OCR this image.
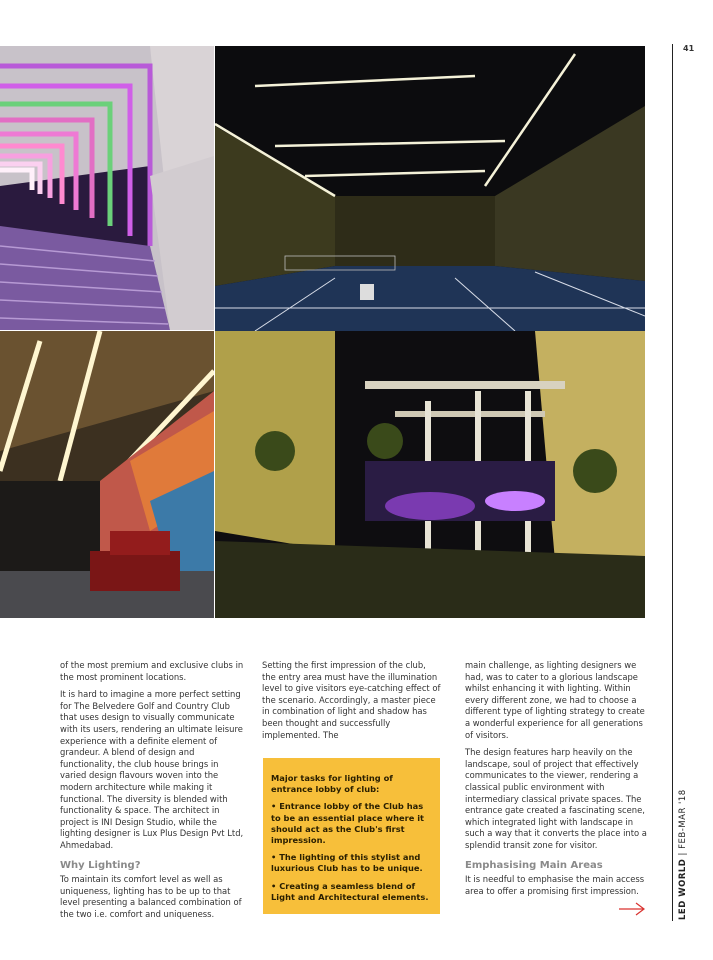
41
LED WORLD | FEB-MAR '18

of the most premium and exclusive clubs in the most prominent locations.

It is hard to imagine a more perfect setting for The Belvedere Golf and Country Club that uses design to visually communicate with its users, rendering an ultimate leisure experience with a definite element of grandeur. A blend of design and functionality, the club house brings in varied design flavours woven into the modern architecture while making it functional. The diversity is blended with functionality & space. The architect in project is INI Design Studio, while the lighting designer is Lux Plus Design Pvt Ltd, Ahmedabad.

Why Lighting?

To maintain its comfort level as well as uniqueness, lighting has to be up to that level presenting a balanced combination of the two i.e. comfort and uniqueness.

Setting the first impression of the club, the entry area must have the illumination level to give visitors eye-catching effect of the scenario. Accordingly, a master piece in combination of light and shadow has been thought and successfully implemented. The

Major tasks for lighting of entrance lobby of club:

• Entrance lobby of the Club has to be an essential place where it should act as the Club's first impression.

• The lighting of this stylist and luxurious Club has to be unique.

• Creating a seamless blend of Light and Architectural elements.

main challenge, as lighting designers we had, was to cater to a glorious landscape whilst enhancing it with lighting. Within every different zone, we had to choose a different type of lighting strategy to create a wonderful experience for all generations of visitors.

The design features harp heavily on the landscape, soul of project that effectively communicates to the viewer, rendering a classical public environment with intermediary classical private spaces. The entrance gate created a fascinating scene, which integrated light with landscape in such a way that it converts the place into a splendid transit zone for visitor.

Emphasising Main Areas

It is needful to emphasise the main access area to offer a promising first impression.
